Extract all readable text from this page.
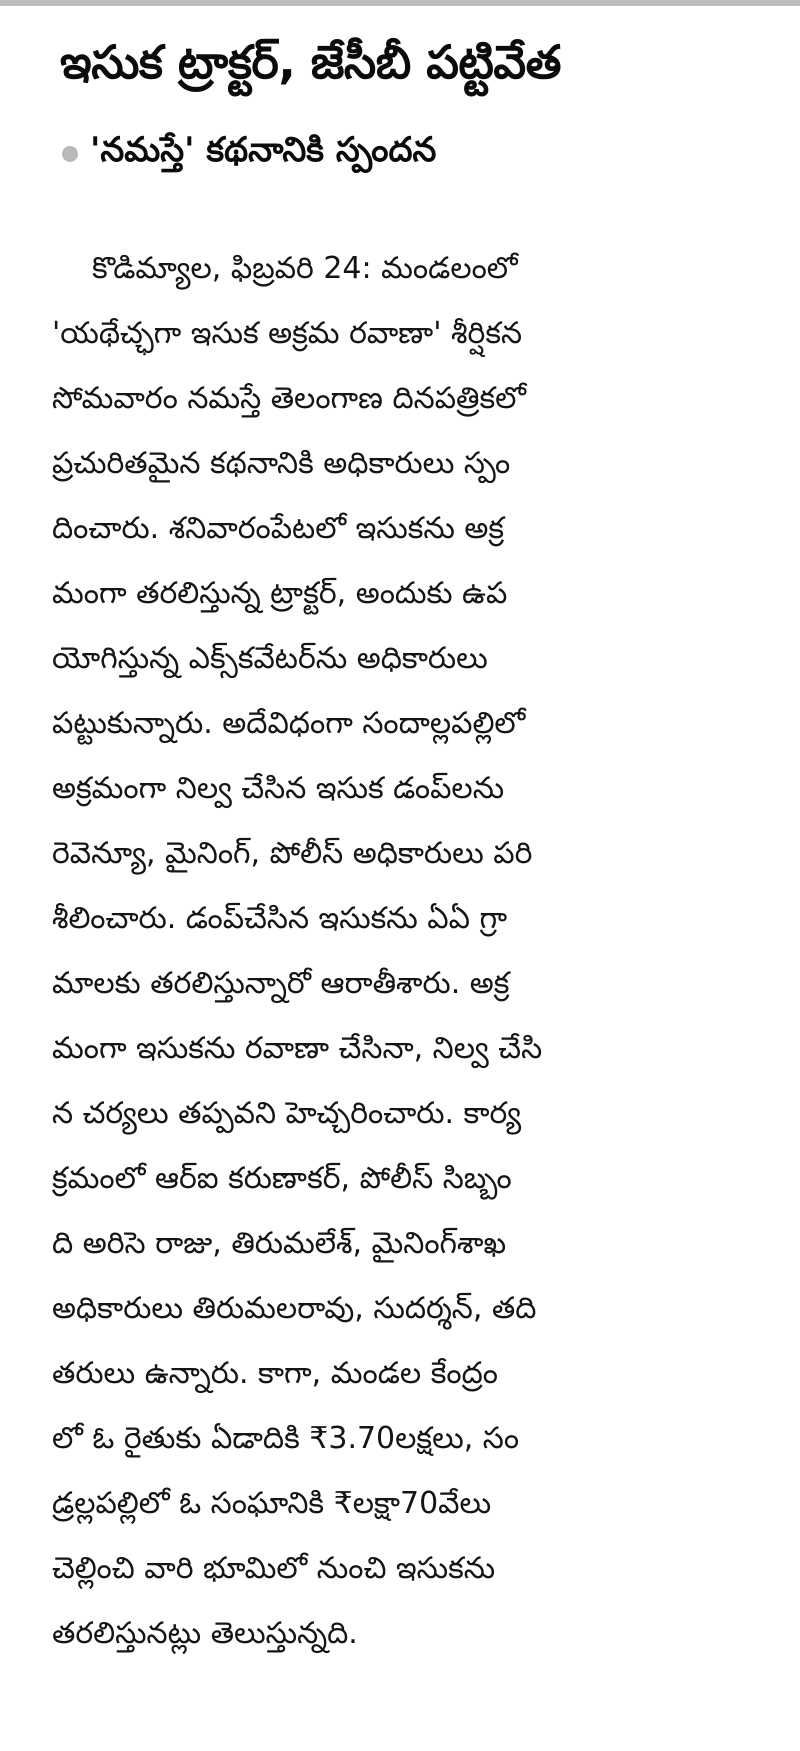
ఇసుక ట్రాక్టర్, జేసీబీ పట్టివేత
'నమస్తే' కథనానికి స్పందన
కొడిమ్యాల, ఫిబ్రవరి 24: మండలంలో
'యథేచ్ఛగా ఇసుక అక్రమ రవాణా' శీర్షికన
సోమవారం నమస్తే తెలంగాణ దినపత్రికలో
ప్రచురితమైన కథనానికి అధికారులు స్పం
దించారు. శనివారంపేటలో ఇసుకను అక్ర
మంగా తరలిస్తున్న ట్రాక్టర్, అందుకు ఉప
యోగిస్తున్న ఎక్స్‌కవేటర్‌ను అధికారులు
పట్టుకున్నారు. అదేవిధంగా సందాల్లపల్లిలో
అక్రమంగా నిల్వ చేసిన ఇసుక డంప్‌లను
రెవెన్యూ, మైనింగ్, పోలీస్ అధికారులు పరి
శీలించారు. డంప్‌చేసిన ఇసుకను ఏఏ గ్రా
మాలకు తరలిస్తున్నారో ఆరాతీశారు. అక్ర
మంగా ఇసుకను రవాణా చేసినా, నిల్వ చేసి
న చర్యలు తప్పవని హెచ్చరించారు. కార్య
క్రమంలో ఆర్ఐ కరుణాకర్, పోలీస్ సిబ్బం
ది అరిసె రాజు, తిరుమలేశ్, మైనింగ్‌శాఖ
అధికారులు తిరుమలరావు, సుదర్శన్, తది
తరులు ఉన్నారు. కాగా, మండల కేంద్రం
లో ఓ రైతుకు ఏడాదికి ₹3.70లక్షలు, సం
డ్రల్లపల్లిలో ఓ సంఘానికి ₹లక్షా70వేలు
చెల్లించి వారి భూమిలో నుంచి ఇసుకను
తరలిస్తునట్లు తెలుస్తున్నది.
